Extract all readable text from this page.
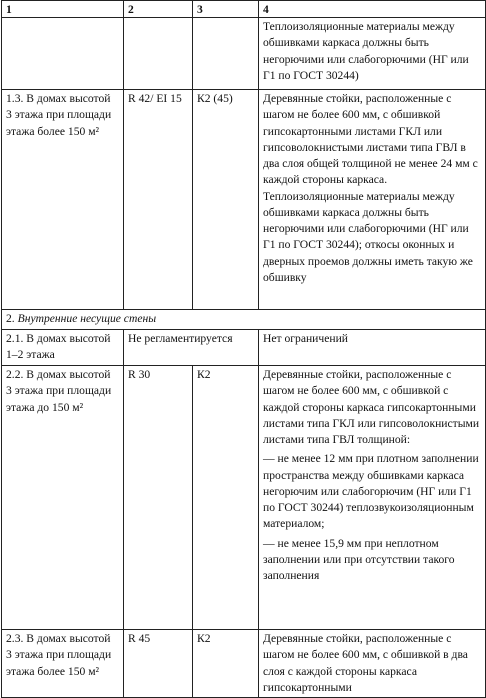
1	2	3	4
			Теплоизоляционные материалы между обшивками каркаса должны быть негорючими или слабогорючими (НГ или Г1 по ГОСТ 30244)
1.3. В домах высотой 3 этажа при площади этажа более 150 м²	R 42/ EI 15	К2 (45)	Деревянные стойки, расположенные с шагом не более 600 мм, с обшивкой гипсокартонными листами ГКЛ или гипсоволокнистыми листами типа ГВЛ в два слоя общей толщиной не менее 24 мм с каждой стороны каркаса. Теплоизоляционные материалы между обшивками каркаса должны быть негорючими или слабогорючими (НГ или Г1 по ГОСТ 30244); откосы оконных и дверных проемов должны иметь такую же обшивку
2. Внутренние несущие стены			
2.1. В домах высотой 1–2 этажа	Не регламентируется		Нет ограничений
2.2. В домах высотой 3 этажа при площади этажа до 150 м²	R 30	К2	Деревянные стойки, расположенные с шагом не более 600 мм, с обшивкой с каждой стороны каркаса гипсокартонными листами типа ГКЛ или гипсоволокнистыми листами типа ГВЛ толщиной:
— не менее 12 мм при плотном заполнении пространства между обшивками каркаса негорючим или слабогорючим (НГ или Г1 по ГОСТ 30244) теплозвукоизоляционным материалом;
— не менее 15,9 мм при неплотном заполнении или при отсутствии такого заполнения

2.3. В домах высотой 3 этажа при площади этажа более 150 м²	R 45	К2	Деревянные стойки, расположенные с шагом не более 600 мм, с обшивкой в два слоя с каждой стороны каркаса гипсокартонными
